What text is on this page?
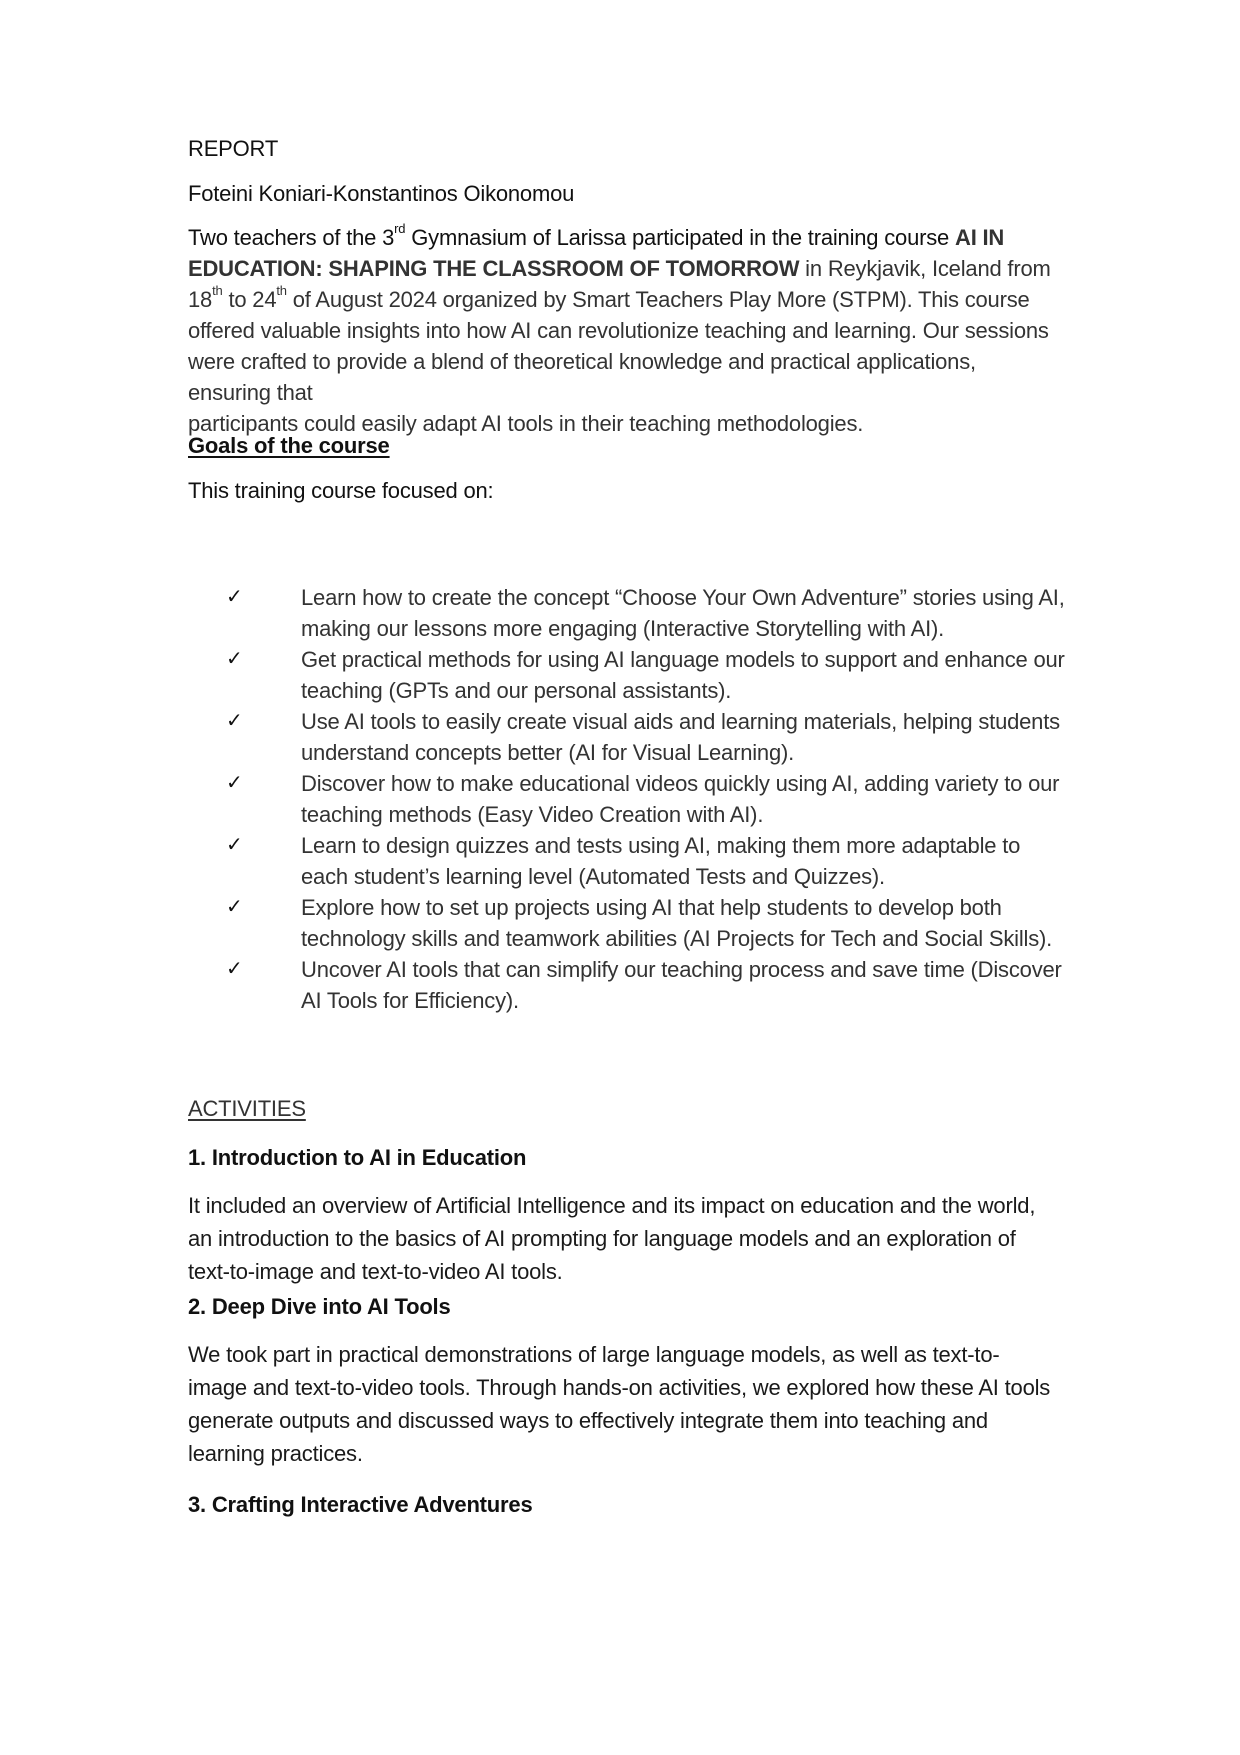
REPORT
Foteini Koniari-Konstantinos Oikonomou
Two teachers of the 3rd Gymnasium of Larissa participated in the training course AI IN EDUCATION: SHAPING THE CLASSROOM OF TOMORROW in Reykjavik, Iceland from 18th to 24th of August 2024 organized by Smart Teachers Play More (STPM). This course offered valuable insights into how AI can revolutionize teaching and learning. Our sessions were crafted to provide a blend of theoretical knowledge and practical applications, ensuring that
participants could easily adapt AI tools in their teaching methodologies.
Goals of the course
This training course focused on:
✓	Learn how to create the concept “Choose Your Own Adventure” stories using AI, making our lessons more engaging (Interactive Storytelling with AI).
✓	Get practical methods for using AI language models to support and enhance our teaching (GPTs and our personal assistants).
✓	Use AI tools to easily create visual aids and learning materials, helping students understand concepts better (AI for Visual Learning).
✓	Discover how to make educational videos quickly using AI, adding variety to our teaching methods (Easy Video Creation with AI).
✓	Learn to design quizzes and tests using AI, making them more adaptable to each student’s learning level (Automated Tests and Quizzes).
✓	Explore how to set up projects using AI that help students to develop both technology skills and teamwork abilities (AI Projects for Tech and Social Skills).
✓	Uncover AI tools that can simplify our teaching process and save time (Discover AI Tools for Efficiency).
ACTIVITIES
1. Introduction to AI in Education
It included an overview of Artificial Intelligence and its impact on education and the world, an introduction to the basics of AI prompting for language models and an exploration of text-to-image and text-to-video AI tools.
2. Deep Dive into AI Tools
We took part in practical demonstrations of large language models, as well as text-to-image and text-to-video tools. Through hands-on activities, we explored how these AI tools generate outputs and discussed ways to effectively integrate them into teaching and learning practices.
3. Crafting Interactive Adventures
